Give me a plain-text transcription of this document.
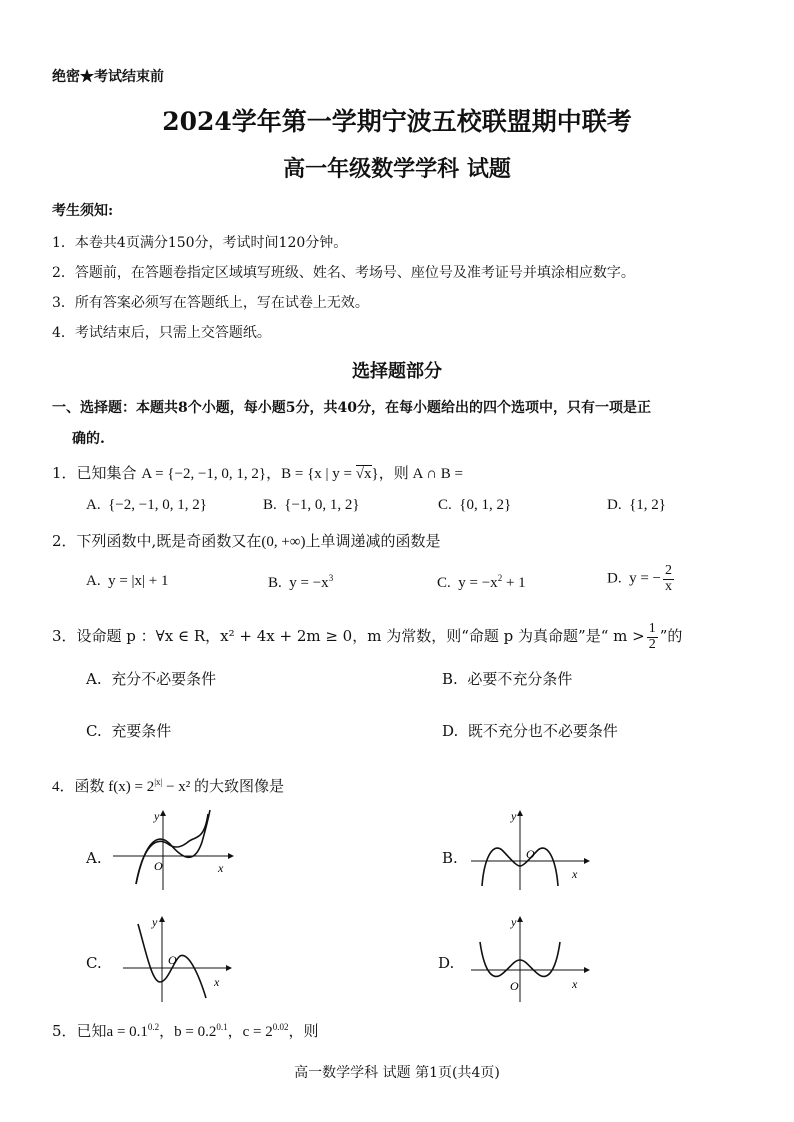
绝密★考试结束前
2024学年第一学期宁波五校联盟期中联考
高一年级数学学科 试题
考生须知:
1．本卷共4页满分150分，考试时间120分钟。
2．答题前，在答题卷指定区域填写班级、姓名、考场号、座位号及准考证号并填涂相应数字。
3．所有答案必须写在答题纸上，写在试卷上无效。
4．考试结束后，只需上交答题纸。
选择题部分
一、选择题：本题共8个小题，每小题5分，共40分，在每小题给出的四个选项中，只有一项是正
确的.
1．已知集合 A = {−2, −1, 0, 1, 2}，B = {x | y = √x}，则 A ∩ B =
A. {−2, −1, 0, 1, 2}	B. {−1, 0, 1, 2}	C. {0, 1, 2}	D. {1, 2}
2．下列函数中,既是奇函数又在(0, +∞)上单调递减的函数是
A. y = |x| + 1	B. $y = -x^3$	C. $y = -x^2 + 1$	D. y = − $\frac{2}{x}$
3．设命题 p ：∀x ∈ R，x² + 4x + 2m ≥ 0，m 为常数，则“命题 p 为真命题”是“ $m > \frac{1}{2}$ ”的
A. 充分不必要条件	B. 必要不充分条件
C. 充要条件	D. 既不充分也不必要条件
4．函数 $f(x) = 2^{|x|} - x^2$ 的大致图像是
A.	O	x
y
B.	O
x
y
C.	O
x
y
D.
O	x
y
5．已知$a = 0.1^{0.2}$，$b = 0.2^{0.1}$，$c = 2^{0.02}$，则
高一数学学科 试题 第1页(共4页)
